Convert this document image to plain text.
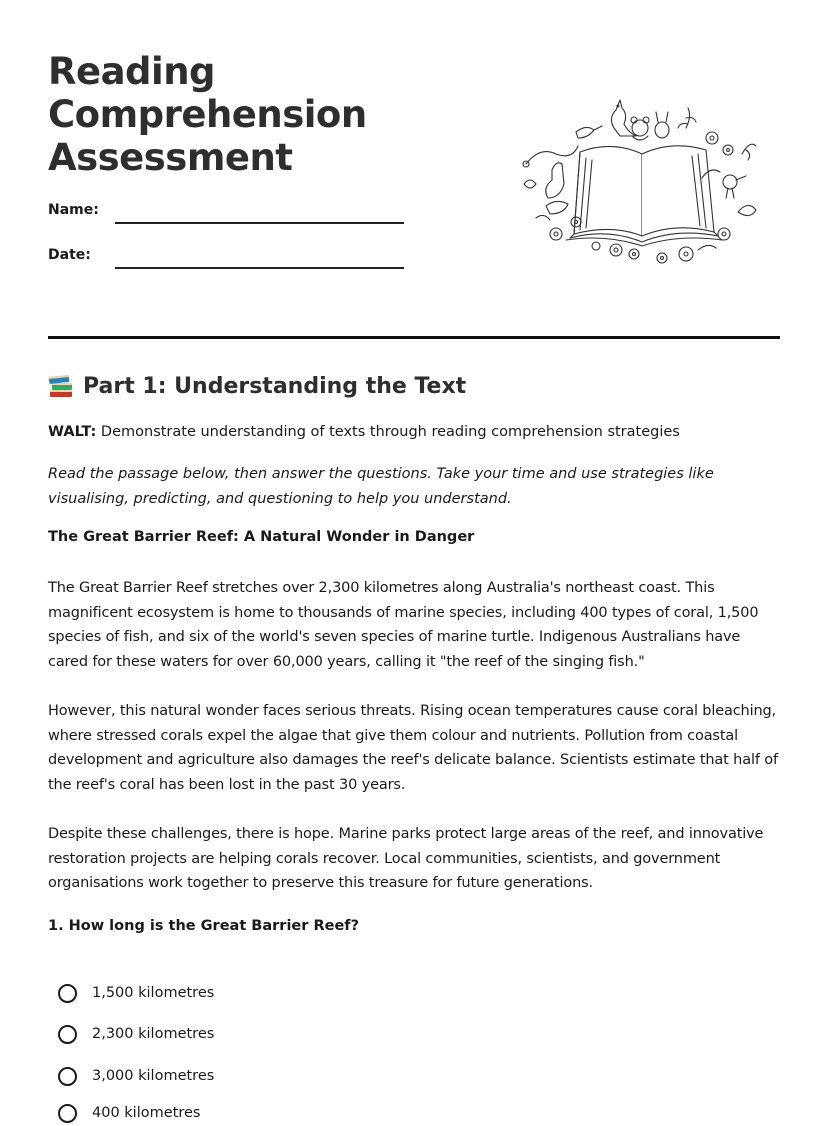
Reading
Comprehension
Assessment
Name:
Date:
Part 1: Understanding the Text
WALT: Demonstrate understanding of texts through reading comprehension strategies

Read the passage below, then answer the questions. Take your time and use strategies like visualising, predicting, and questioning to help you understand.

The Great Barrier Reef: A Natural Wonder in Danger

The Great Barrier Reef stretches over 2,300 kilometres along Australia's northeast coast. This magnificent ecosystem is home to thousands of marine species, including 400 types of coral, 1,500 species of fish, and six of the world's seven species of marine turtle. Indigenous Australians have cared for these waters for over 60,000 years, calling it "the reef of the singing fish."

However, this natural wonder faces serious threats. Rising ocean temperatures cause coral bleaching, where stressed corals expel the algae that give them colour and nutrients. Pollution from coastal development and agriculture also damages the reef's delicate balance. Scientists estimate that half of the reef's coral has been lost in the past 30 years.

Despite these challenges, there is hope. Marine parks protect large areas of the reef, and innovative restoration projects are helping corals recover. Local communities, scientists, and government organisations work together to preserve this treasure for future generations.

1. How long is the Great Barrier Reef?

1,500 kilometres
2,300 kilometres
3,000 kilometres
400 kilometres
